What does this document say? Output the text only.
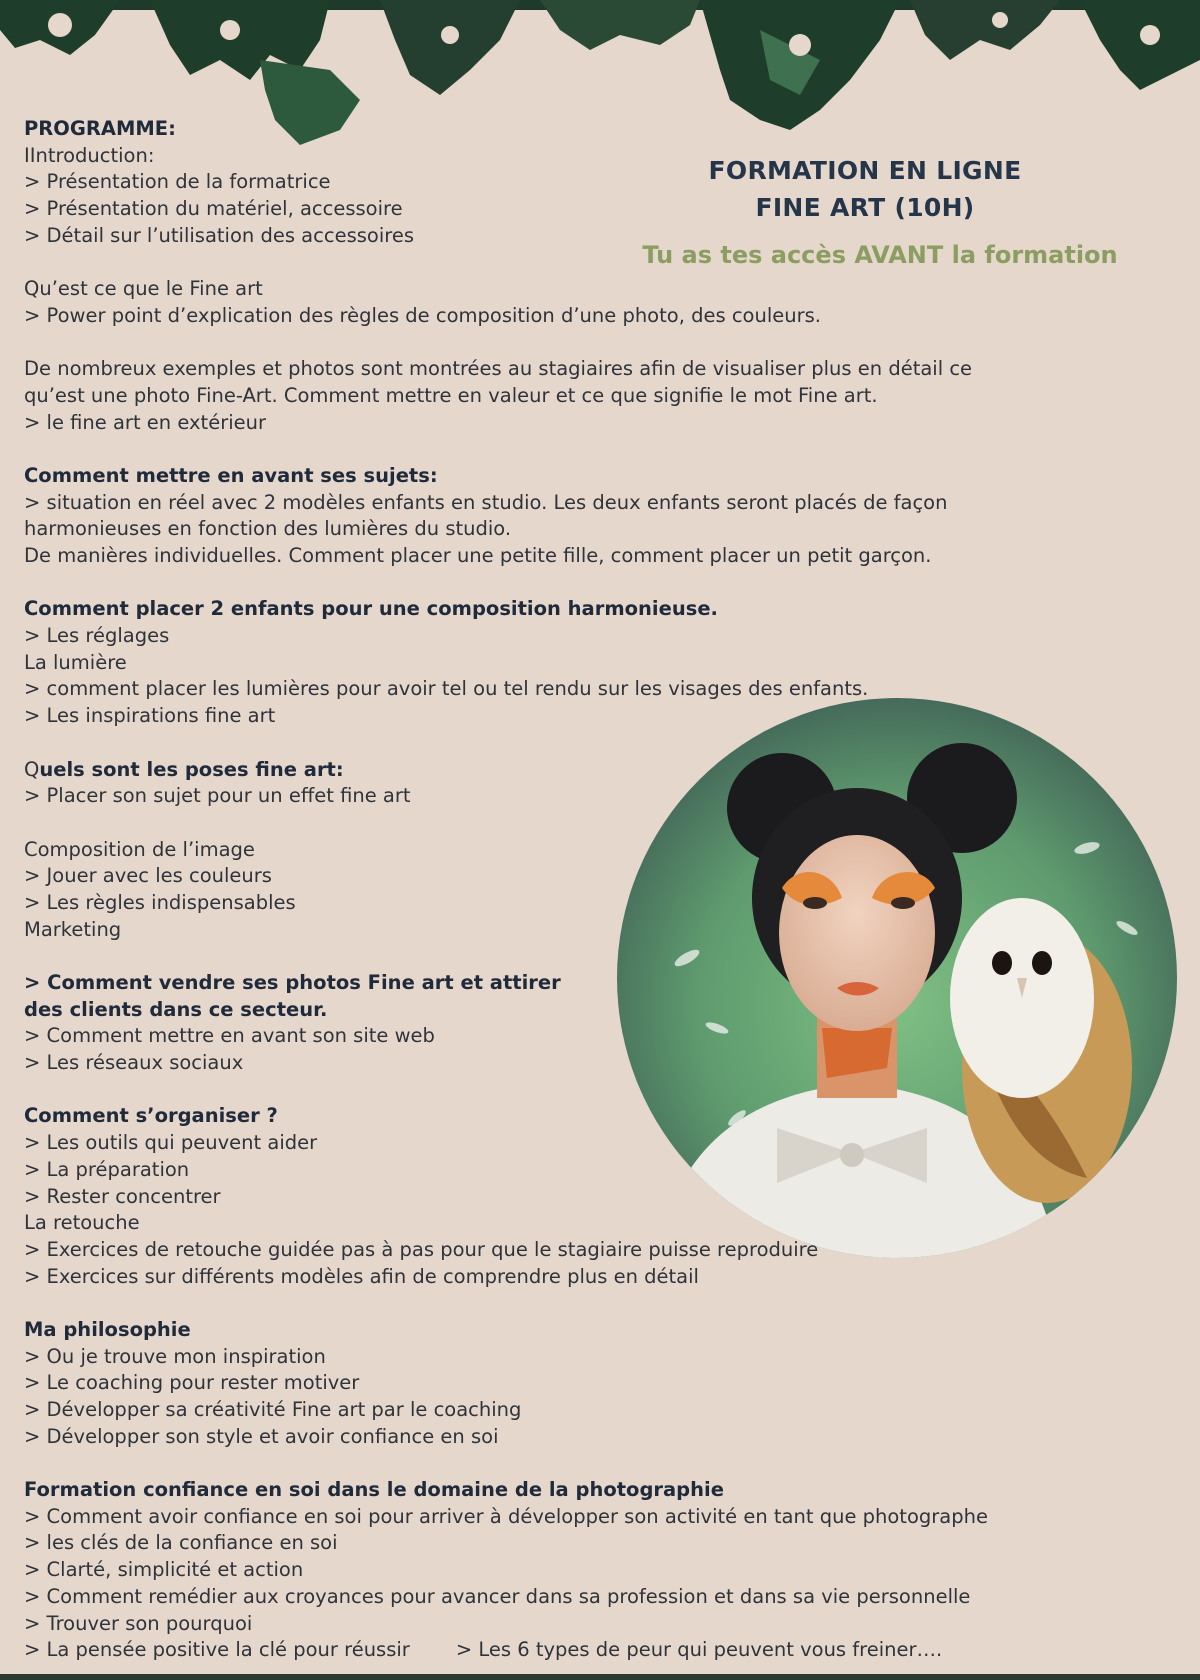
FORMATION EN LIGNE
FINE ART (10H)
Tu as tes accès AVANT la formation
PROGRAMME:
IIntroduction:
> Présentation de la formatrice
> Présentation du matériel, accessoire
> Détail sur l’utilisation des accessoires
Qu’est ce que le Fine art
> Power point d’explication des règles de composition d’une photo, des couleurs.
De nombreux exemples et photos sont montrées au stagiaires afin de visualiser plus en détail ce
qu’est une photo Fine-Art. Comment mettre en valeur et ce que signifie le mot Fine art.
> le fine art en extérieur
Comment mettre en avant ses sujets:
> situation en réel avec 2 modèles enfants en studio. Les deux enfants seront placés de façon
harmonieuses en fonction des lumières du studio.
De manières individuelles. Comment placer une petite fille, comment placer un petit garçon.
Comment placer 2 enfants pour une composition harmonieuse.
> Les réglages
La lumière
> comment placer les lumières pour avoir tel ou tel rendu sur les visages des enfants.
> Les inspirations fine art
Quels sont les poses fine art:
> Placer son sujet pour un effet fine art
Composition de l’image
> Jouer avec les couleurs
> Les règles indispensables
Marketing
> Comment vendre ses photos Fine art et attirer
des clients dans ce secteur.
> Comment mettre en avant son site web
> Les réseaux sociaux
Comment s’organiser ?
> Les outils qui peuvent aider
> La préparation
> Rester concentrer
La retouche
> Exercices de retouche guidée pas à pas pour que le stagiaire puisse reproduire
> Exercices sur différents modèles afin de comprendre plus en détail
Ma philosophie
> Ou je trouve mon inspiration
> Le coaching pour rester motiver
> Développer sa créativité Fine art par le coaching
> Développer son style et avoir confiance en soi
Formation confiance en soi dans le domaine de la photographie
> Comment avoir confiance en soi pour arriver à développer son activité en tant que photographe
> les clés de la confiance en soi
> Clarté, simplicité et action
> Comment remédier aux croyances pour avancer dans sa profession et dans sa vie personnelle
> Trouver son pourquoi
> La pensée positive la clé pour réussir > Les 6 types de peur qui peuvent vous freiner….
